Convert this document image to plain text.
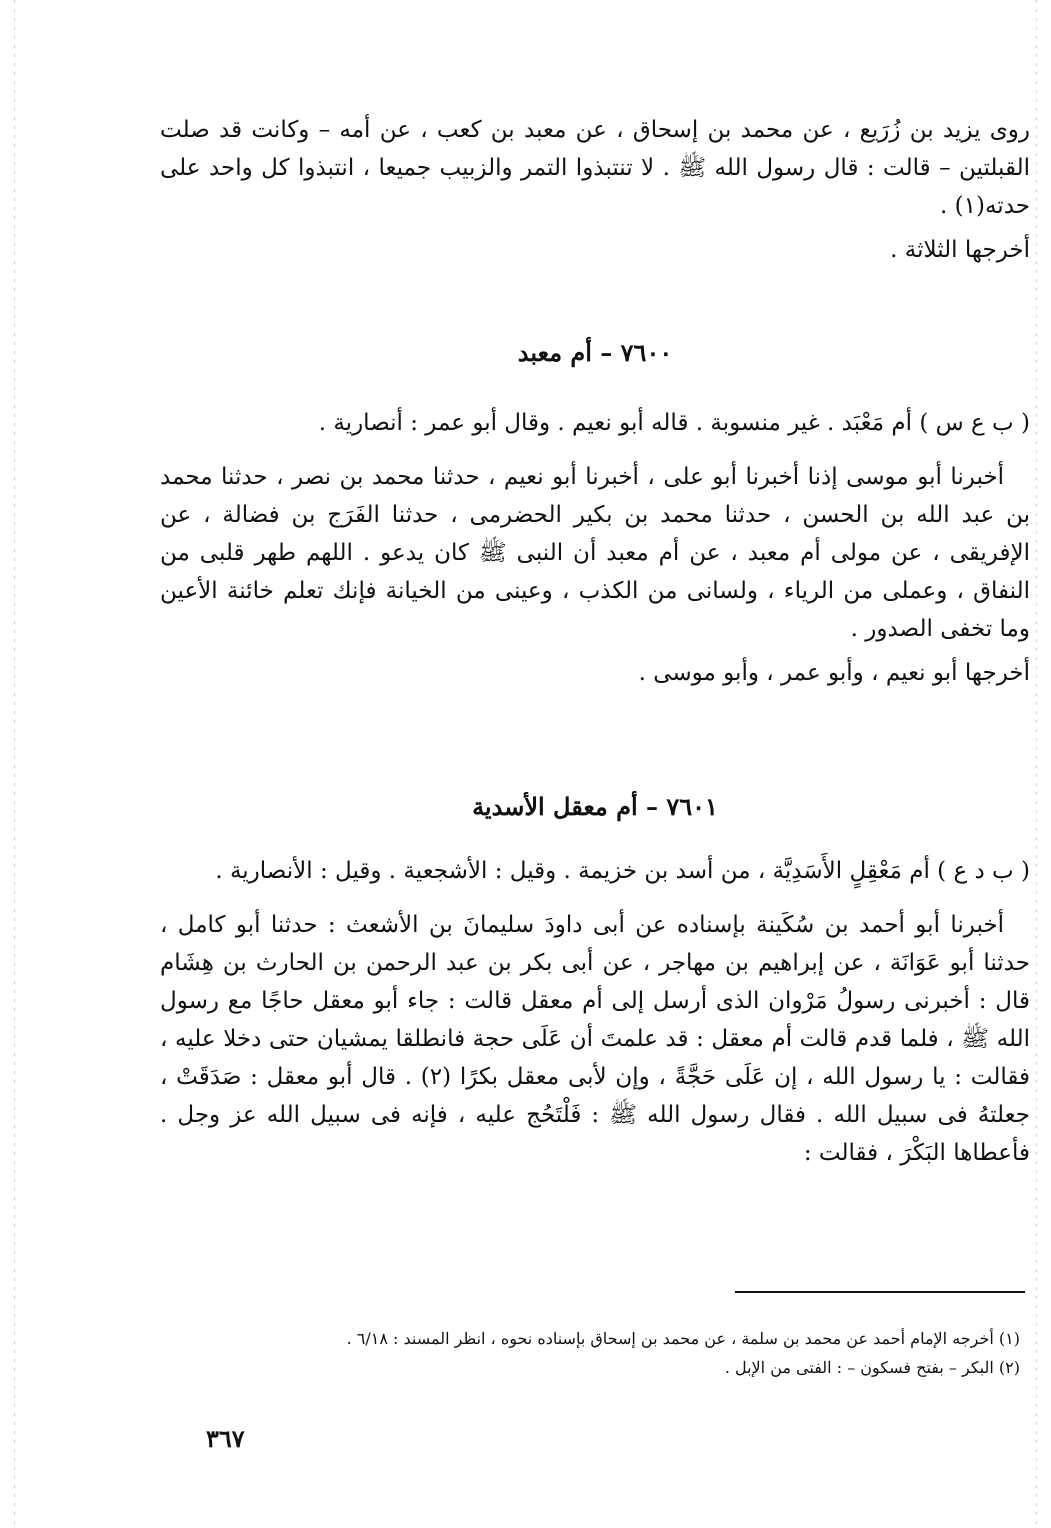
روى يزيد بن زُرَيع ، عن محمد بن إسحاق ، عن معبد بن كعب ، عن أمه – وكانت قد صلت القبلتين – قالت : قال رسول الله ﷺ . لا تنتبذوا التمر والزبيب جميعا ، انتبذوا كل واحد على حدته(١) .

أخرجها الثلاثة .

٧٦٠٠ – أم معبد

( ب ع س ) أم مَعْبَد . غير منسوبة . قاله أبو نعيم . وقال أبو عمر : أنصارية .

أخبرنا أبو موسى إذنا أخبرنا أبو على ، أخبرنا أبو نعيم ، حدثنا محمد بن نصر ، حدثنا محمد بن عبد الله بن الحسن ، حدثنا محمد بن بكير الحضرمى ، حدثنا الفَرَج بن فضالة ، عن الإفريقى ، عن مولى أم معبد ، عن أم معبد أن النبى ﷺ كان يدعو . اللهم طهر قلبى من النفاق ، وعملى من الرياء ، ولسانى من الكذب ، وعينى من الخيانة فإنك تعلم خائنة الأعين وما تخفى الصدور .

أخرجها أبو نعيم ، وأبو عمر ، وأبو موسى .

٧٦٠١ – أم معقل الأسدية

( ب د ع ) أم مَعْقِلٍ الأَسَدِيَّة ، من أسد بن خزيمة . وقيل : الأشجعية . وقيل : الأنصارية .

أخبرنا أبو أحمد بن سُكَينة بإسناده عن أبى داودَ سليمانَ بن الأشعث : حدثنا أبو كامل ، حدثنا أبو عَوَانَة ، عن إبراهيم بن مهاجر ، عن أبى بكر بن عبد الرحمن بن الحارث بن هِشَام قال : أخبرنى رسولُ مَرْوان الذى أرسل إلى أم معقل قالت : جاء أبو معقل حاجًا مع رسول الله ﷺ ، فلما قدم قالت أم معقل : قد علمتَ أن عَلَى حجة فانطلقا يمشيان حتى دخلا عليه ، فقالت : يا رسول الله ، إن عَلَى حَجَّةً ، وإن لأبى معقل بكرًا (٢) . قال أبو معقل : صَدَقَتْ ، جعلتهُ فى سبيل الله . فقال رسول الله ﷺ : فَلْتَحُج عليه ، فإنه فى سبيل الله عز وجل . فأعطاها البَكْرَ ، فقالت :

(١) أخرجه الإمام أحمد عن محمد بن سلمة ، عن محمد بن إسحاق بإسناده نحوه ، انظر المسند : ٦/١٨ .

(٢) البكر – بفتح فسكون – : الفتى من الإبل .

٣٦٧
